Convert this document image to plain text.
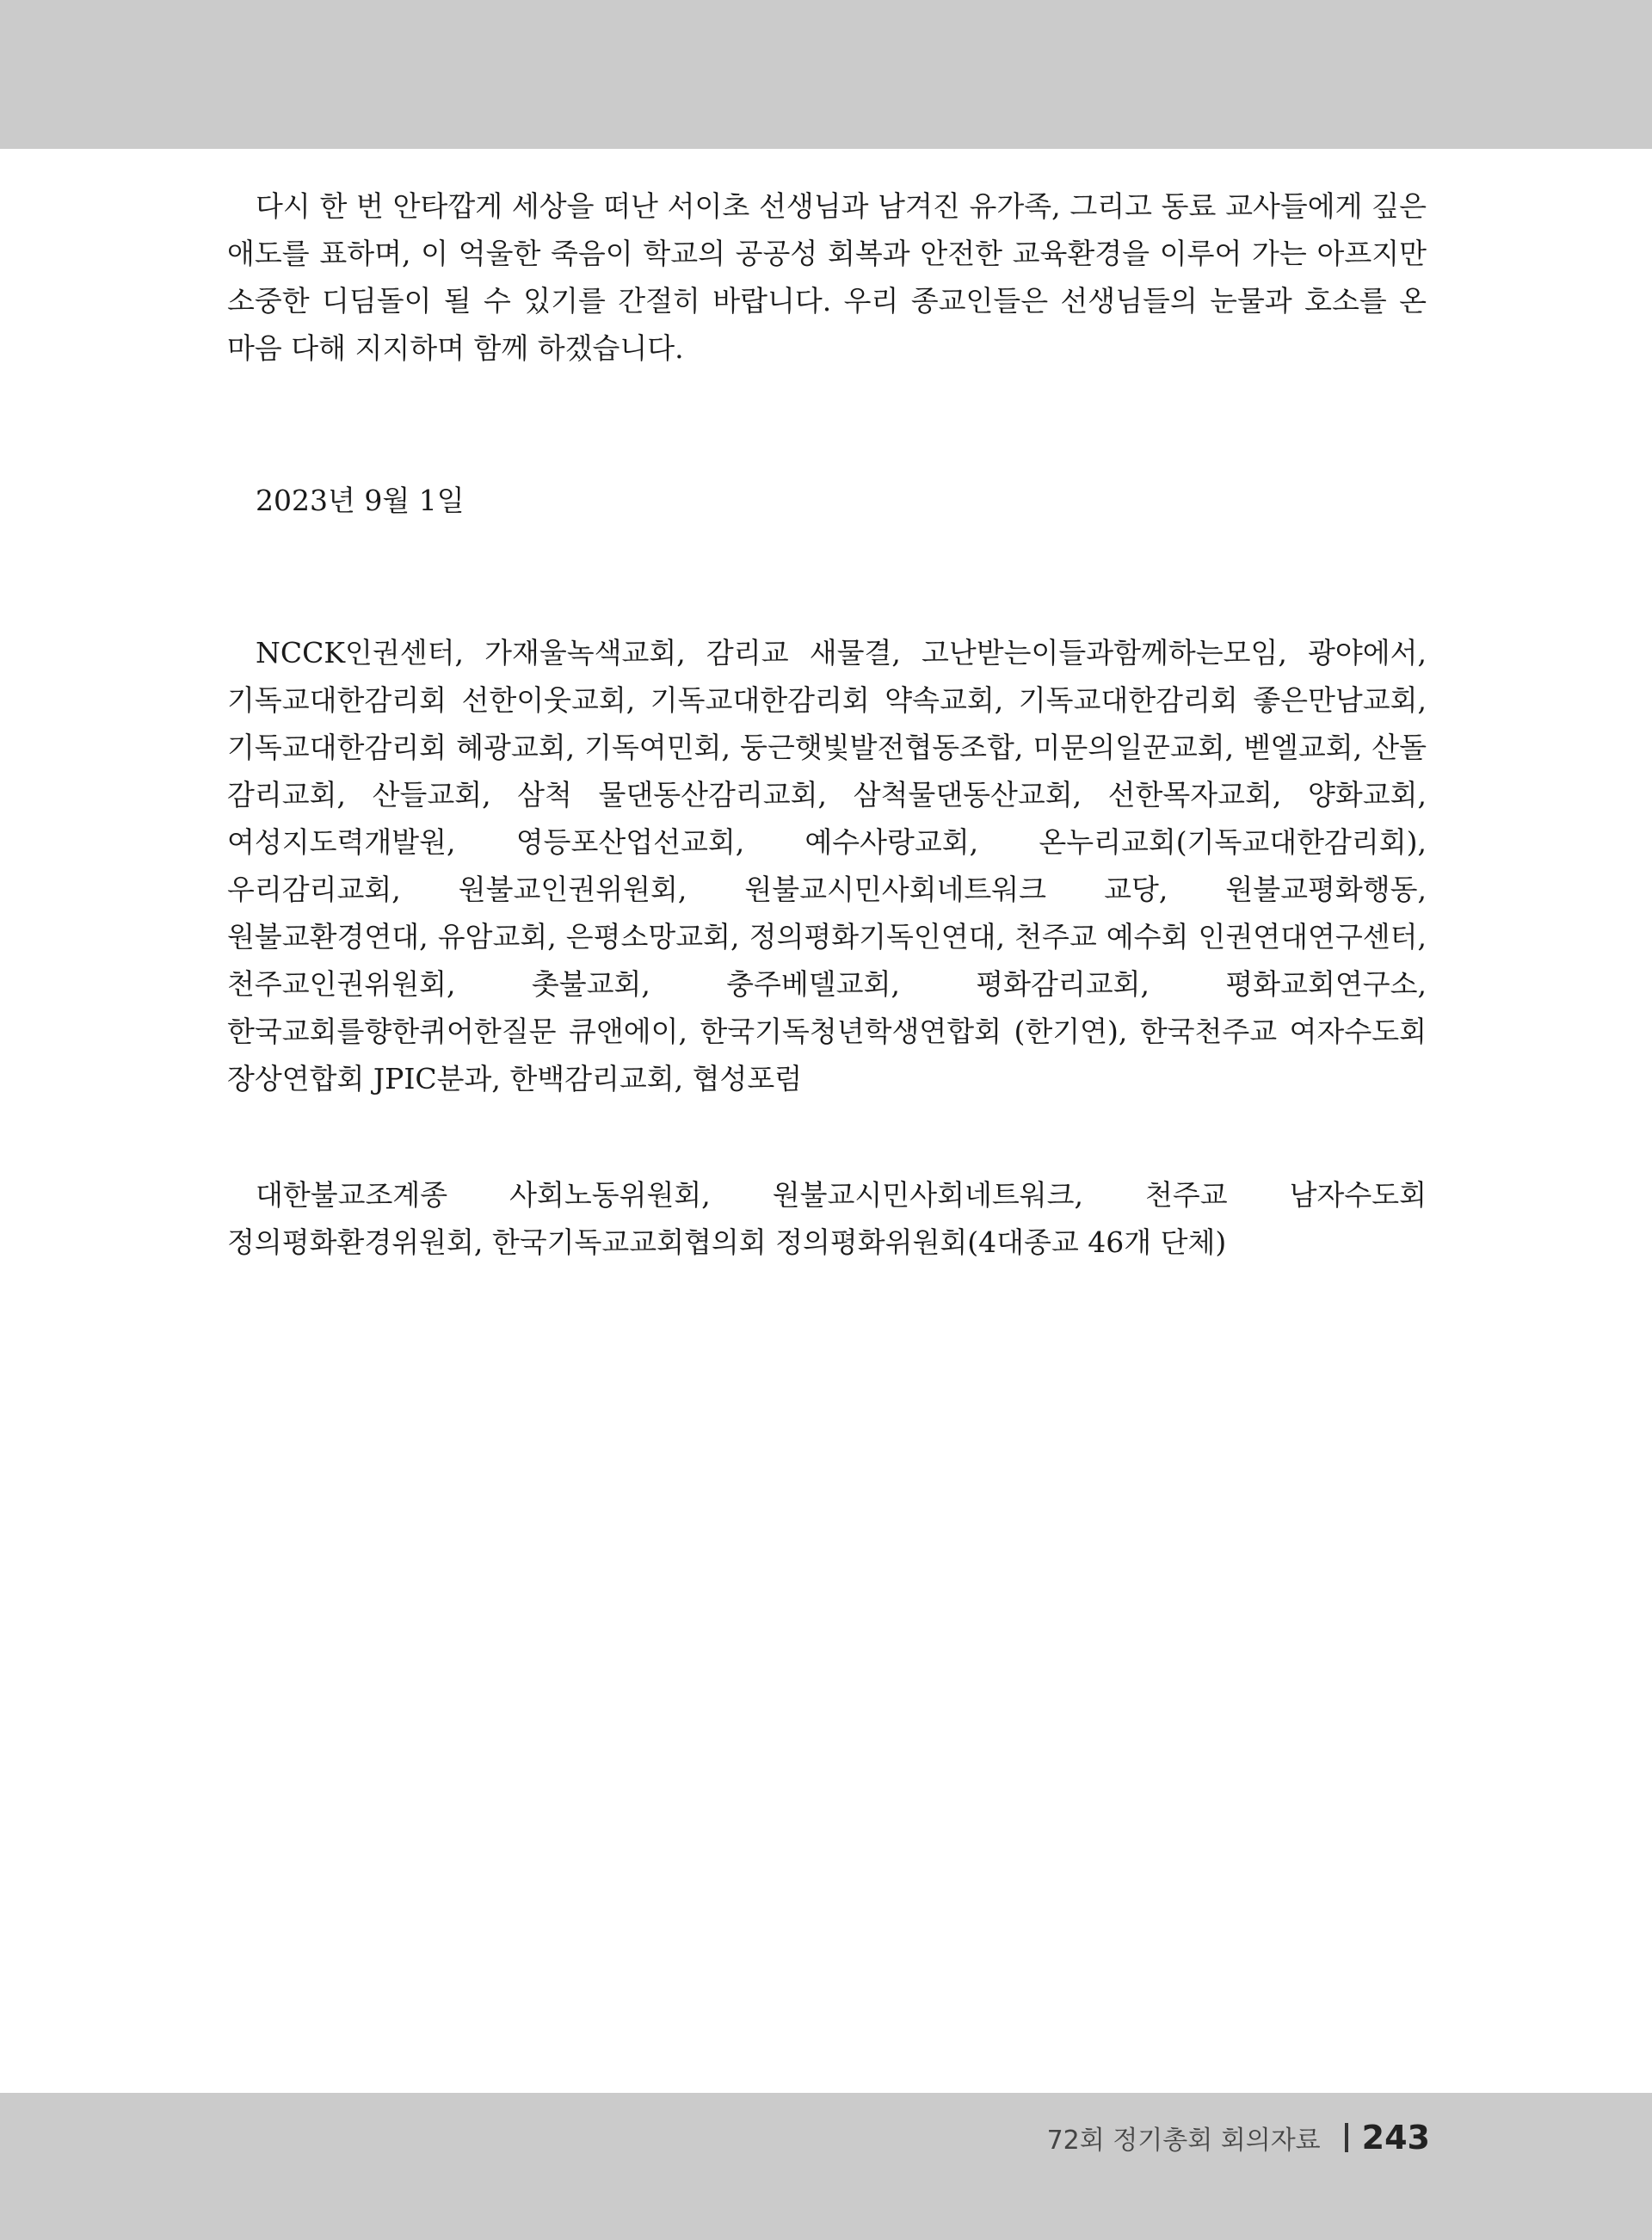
다시 한 번 안타깝게 세상을 떠난 서이초 선생님과 남겨진 유가족, 그리고 동료 교사들에게 깊은 애도를 표하며, 이 억울한 죽음이 학교의 공공성 회복과 안전한 교육환경을 이루어 가는 아프지만 소중한 디딤돌이 될 수 있기를 간절히 바랍니다. 우리 종교인들은 선생님들의 눈물과 호소를 온 마음 다해 지지하며 함께 하겠습니다.

2023년 9월 1일

NCCK인권센터, 가재울녹색교회, 감리교 새물결, 고난받는이들과함께하는모임, 광야에서, 기독교대한감리회 선한이웃교회, 기독교대한감리회 약속교회, 기독교대한감리회 좋은만남교회, 기독교대한감리회 혜광교회, 기독여민회, 둥근햇빛발전협동조합, 미문의일꾼교회, 벧엘교회, 산돌 감리교회, 산들교회, 삼척 물댄동산감리교회, 삼척물댄동산교회, 선한목자교회, 양화교회, 여성지도력개발원, 영등포산업선교회, 예수사랑교회, 온누리교회(기독교대한감리회), 우리감리교회, 원불교인권위원회, 원불교시민사회네트워크 교당, 원불교평화행동, 원불교환경연대, 유암교회, 은평소망교회, 정의평화기독인연대, 천주교 예수회 인권연대연구센터, 천주교인권위원회, 촛불교회, 충주베델교회, 평화감리교회, 평화교회연구소, 한국교회를향한퀴어한질문 큐앤에이, 한국기독청년학생연합회 (한기연), 한국천주교 여자수도회 장상연합회 JPIC분과, 한백감리교회, 협성포럼

대한불교조계종 사회노동위원회, 원불교시민사회네트워크, 천주교 남자수도회 정의평화환경위원회, 한국기독교교회협의회 정의평화위원회(4대종교 46개 단체)

72회 정기총회 회의자료 243
